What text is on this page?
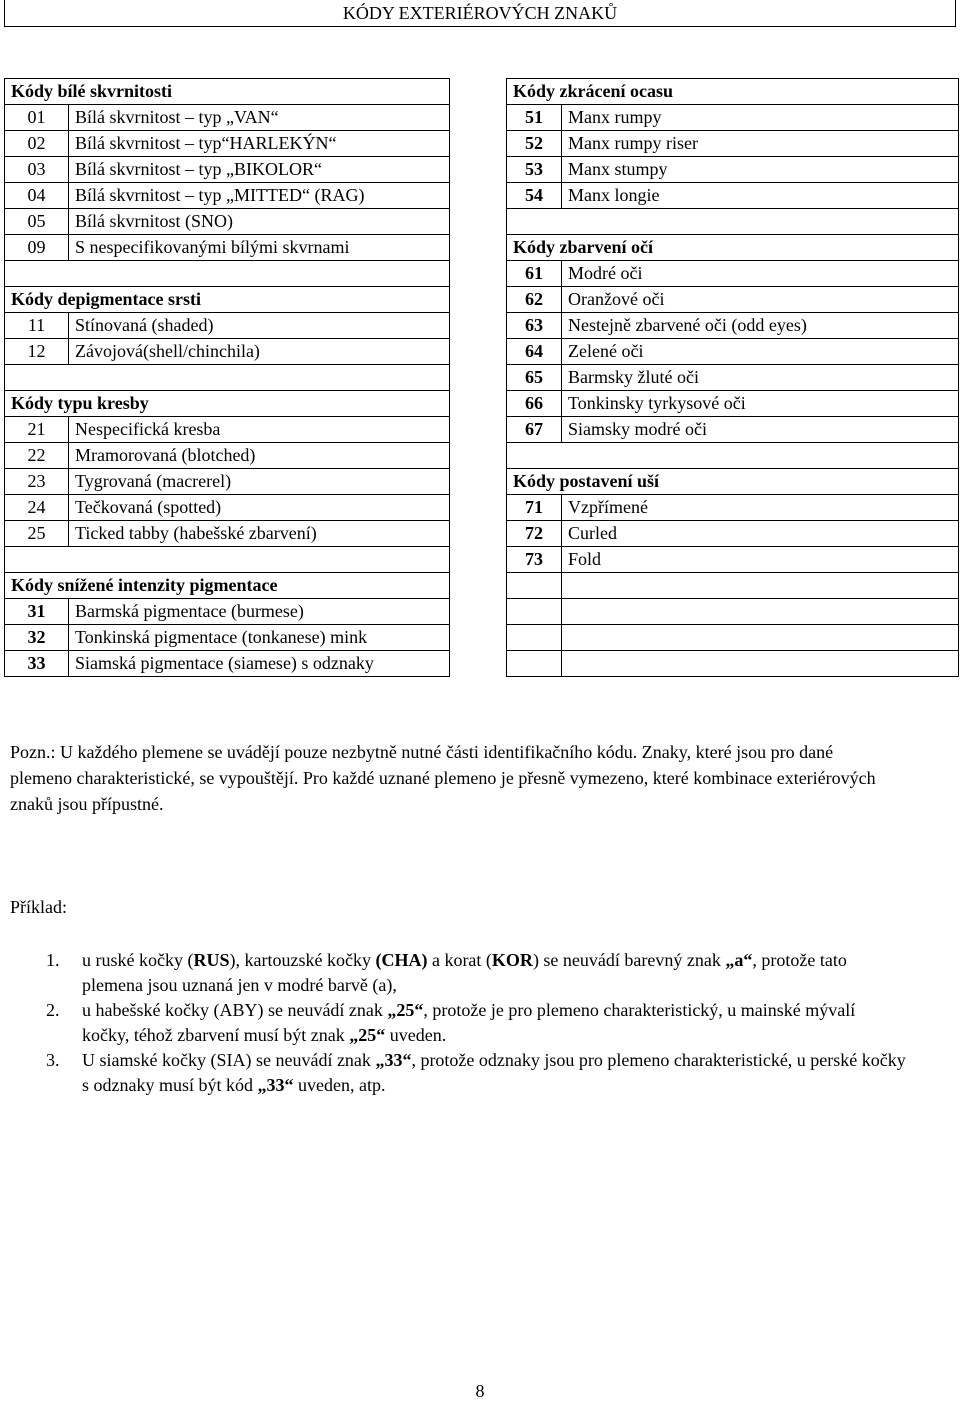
KÓDY EXTERIÉROVÝCH ZNAKŮ
Kódy bílé skvrnitosti	
01	Bílá skvrnitost – typ „VAN“
02	Bílá skvrnitost – typ“HARLEKÝN“
03	Bílá skvrnitost – typ „BIKOLOR“
04	Bílá skvrnitost – typ „MITTED“ (RAG)
05	Bílá skvrnitost (SNO)
09	S nespecifikovanými bílými skvrnami

Kódy depigmentace srsti	
11	Stínovaná (shaded)
12	Závojová(shell/chinchila)

Kódy typu kresby	
21	Nespecifická kresba
22	Mramorovaná (blotched)
23	Tygrovaná (macrerel)
24	Tečkovaná (spotted)
25	Ticked tabby (habešské zbarvení)

Kódy snížené intenzity pigmentace	
31	Barmská pigmentace (burmese)
32	Tonkinská pigmentace (tonkanese) mink
33	Siamská pigmentace (siamese) s odznaky
Kódy zkrácení ocasu	
51	Manx rumpy
52	Manx rumpy riser
53	Manx stumpy
54	Manx longie

Kódy zbarvení očí	
61	Modré oči
62	Oranžové oči
63	Nestejně zbarvené oči (odd eyes)
64	Zelené oči
65	Barmsky žluté oči
66	Tonkinsky tyrkysové oči
67	Siamsky modré oči

Kódy postavení uší	
71	Vzpřímené
72	Curled
73	Fold

Pozn.: U každého plemene se uvádějí pouze nezbytně nutné části identifikačního kódu. Znaky, které jsou pro dané plemeno charakteristické, se vypouštějí. Pro každé uznané plemeno je přesně vymezeno, které kombinace exteriérových znaků jsou přípustné.
Příklad:
1. u ruské kočky (RUS), kartouzské kočky (CHA) a korat (KOR) se neuvádí barevný znak „a“, protože tato plemena jsou uznaná jen v modré barvě (a),
2. u habešské kočky (ABY) se neuvádí znak „25“, protože je pro plemeno charakteristický, u mainské mývalí kočky, téhož zbarvení musí být znak „25“ uveden.
3. U siamské kočky (SIA) se neuvádí znak „33“, protože odznaky jsou pro plemeno charakteristické, u perské kočky s odznaky musí být kód „33“ uveden, atp.
8
